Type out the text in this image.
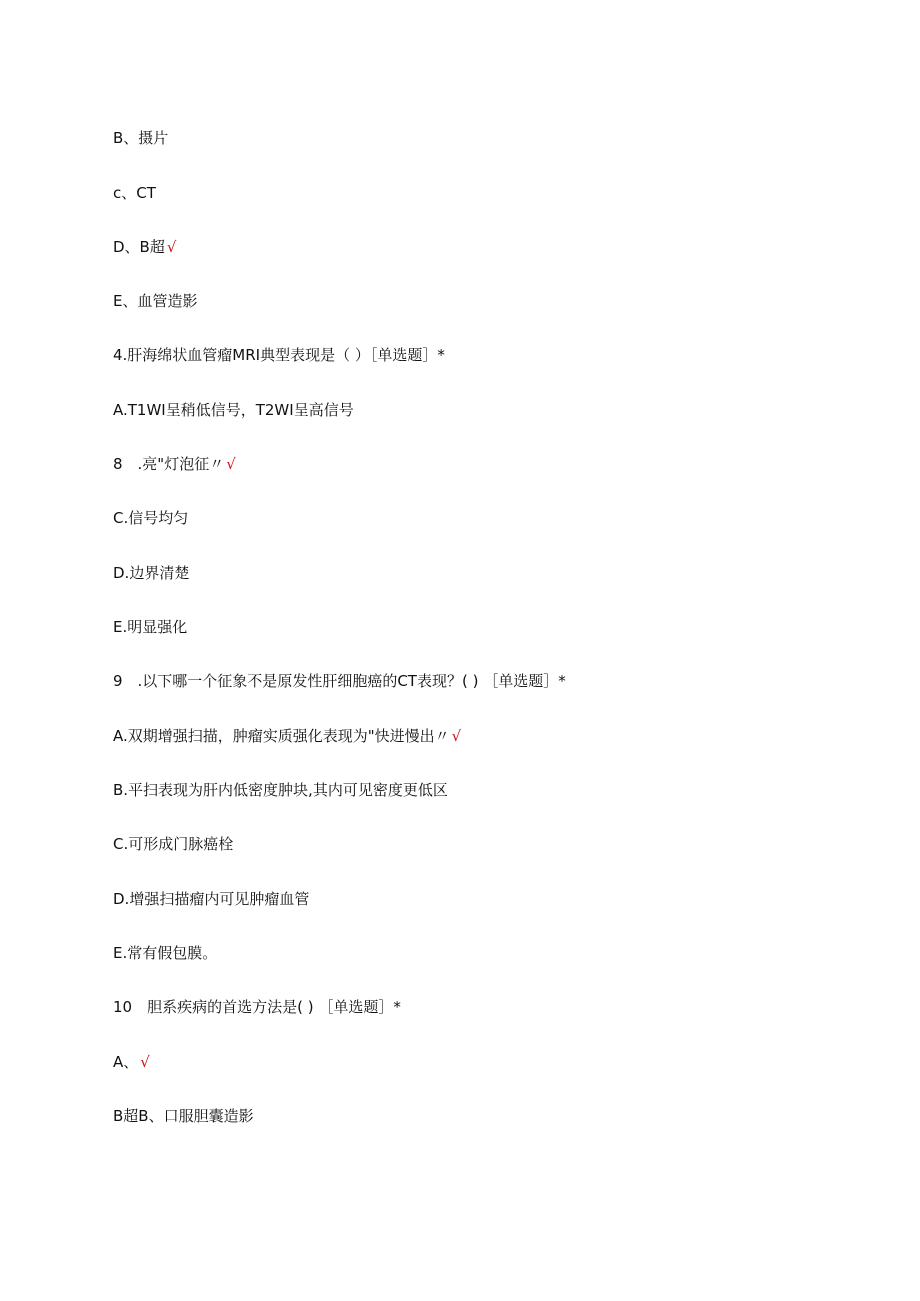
B、摄片
c、CT
D、B超 √
E、血管造影
4.肝海绵状血管瘤MRI典型表现是（ ）［单选题］*
A.T1WI呈稍低信号，T2WI呈高信号
8　.亮"灯泡征〃 √
C.信号均匀
D.边界清楚
E.明显强化
9　.以下哪一个征象不是原发性肝细胞癌的CT表现？( ) ［单选题］*
A.双期增强扫描，肿瘤实质强化表现为"快进慢出〃 √
B.平扫表现为肝内低密度肿块,其内可见密度更低区
C.可形成门脉癌栓
D.增强扫描瘤内可见肿瘤血管
E.常有假包膜。
10　胆系疾病的首选方法是( ) ［单选题］*
A、 √
B超B、口服胆囊造影
